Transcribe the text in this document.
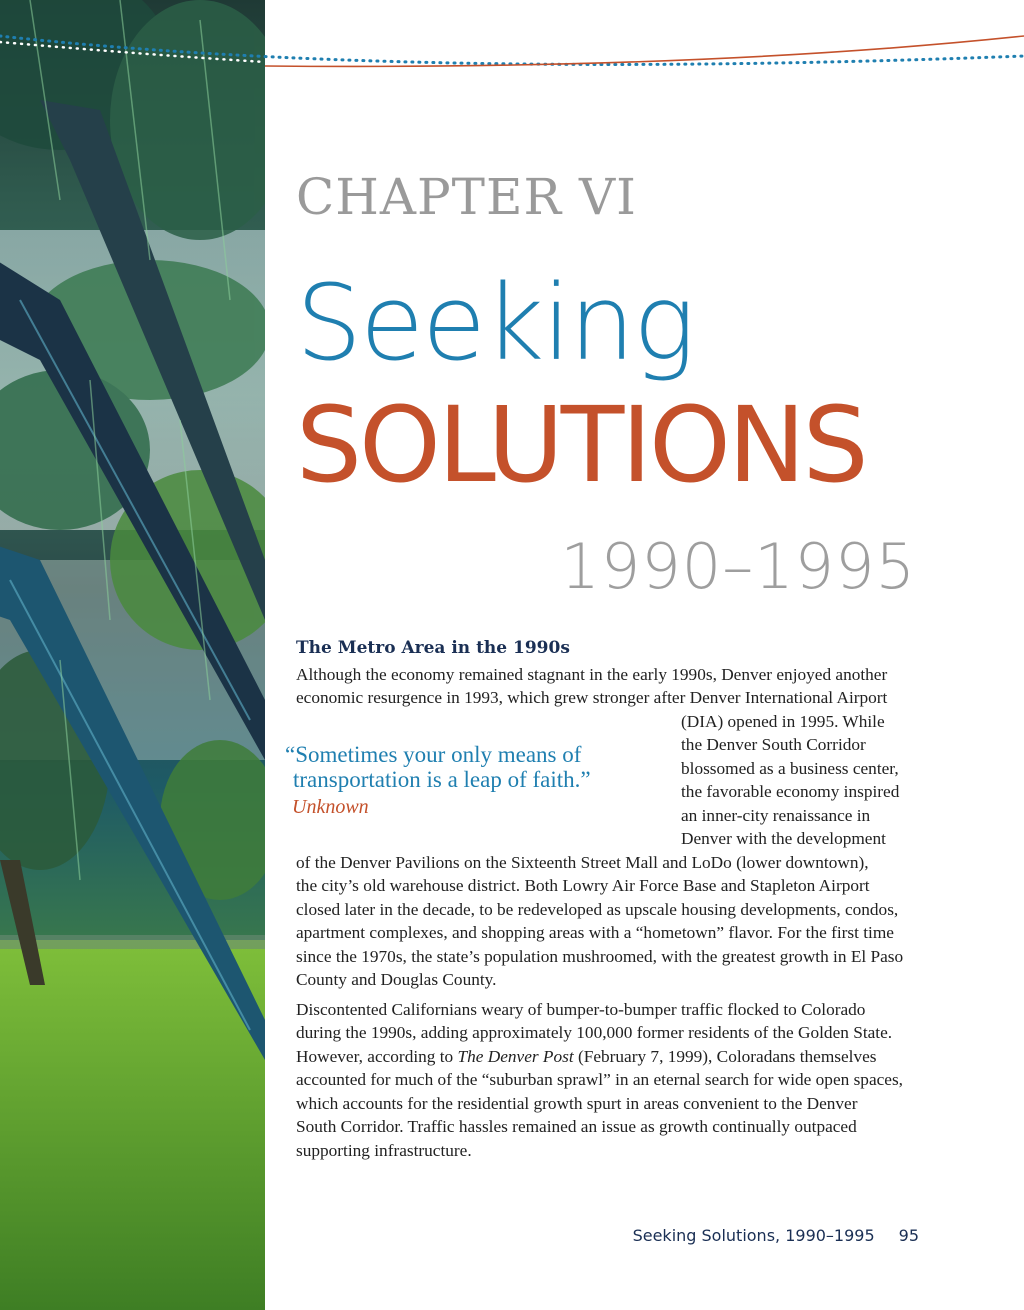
CHAPTER VI
Seeking
SOLUTIONS
1990–1995
The Metro Area in the 1990s
Although the economy remained stagnant in the early 1990s, Denver enjoyed another
economic resurgence in 1993, which grew stronger after Denver International Airport
(DIA) opened in 1995. While
the Denver South Corridor
blossomed as a business center,
the favorable economy inspired
an inner-city renaissance in
Denver with the development
of the Denver Pavilions on the Sixteenth Street Mall and LoDo (lower downtown),
the city’s old warehouse district. Both Lowry Air Force Base and Stapleton Airport
closed later in the decade, to be redeveloped as upscale housing developments, condos,
apartment complexes, and shopping areas with a “hometown” flavor. For the first time
since the 1970s, the state’s population mushroomed, with the greatest growth in El Paso
County and Douglas County.
Discontented Californians weary of bumper-to-bumper traffic flocked to Colorado
during the 1990s, adding approximately 100,000 former residents of the Golden State.
However, according to The Denver Post (February 7, 1999), Coloradans themselves
accounted for much of the “suburban sprawl” in an eternal search for wide open spaces,
which accounts for the residential growth spurt in areas convenient to the Denver
South Corridor. Traffic hassles remained an issue as growth continually outpaced
supporting infrastructure.
“Sometimes your only means of
transportation is a leap of faith.”
Unknown
Seeking Solutions, 1990–1995 95
